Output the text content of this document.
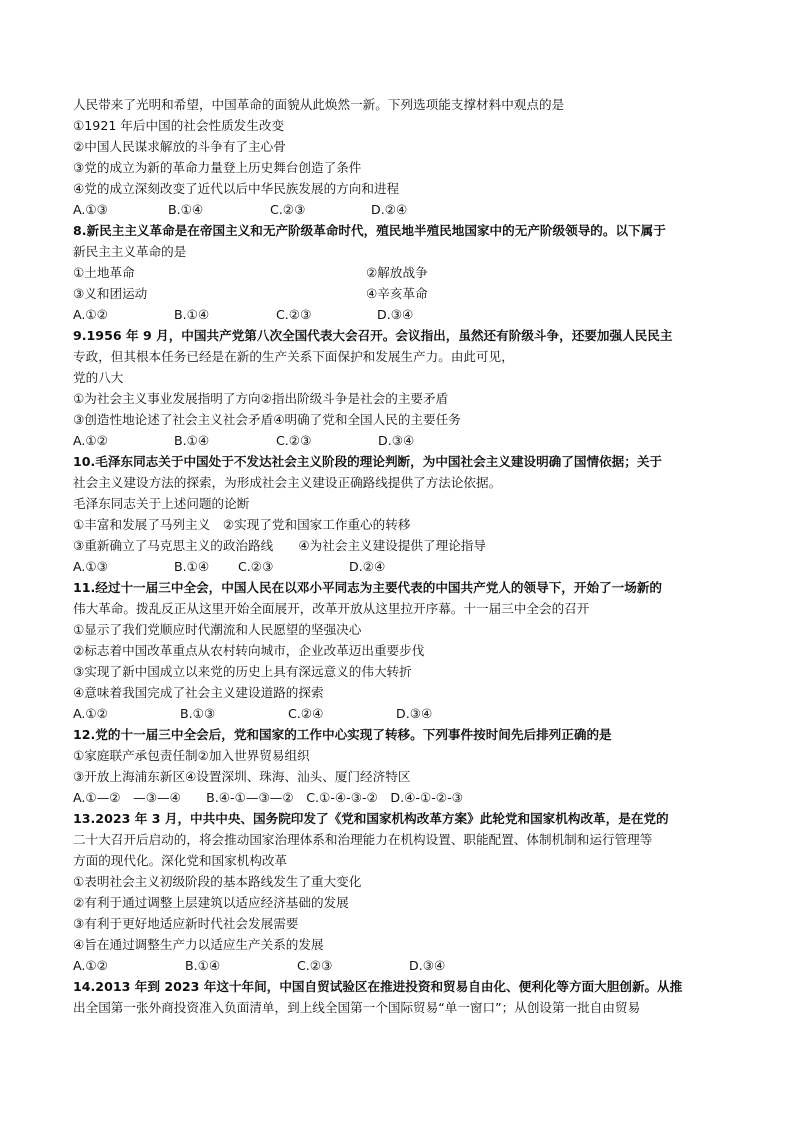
人民带来了光明和希望，中国革命的面貌从此焕然一新。下列选项能支撑材料中观点的是
①1921 年后中国的社会性质发生改变
②中国人民谋求解放的斗争有了主心骨
③党的成立为新的革命力量登上历史舞台创造了条件
④党的成立深刻改变了近代以后中华民族发展的方向和进程
A.①③	B.①④	C.②③	D.②④
8.新民主主义革命是在帝国主义和无产阶级革命时代，殖民地半殖民地国家中的无产阶级领导的。以下属于
新民主主义革命的是
①土地革命	②解放战争
③义和团运动	④辛亥革命
A.①②	B.①④	C.②③	D.③④
9.1956 年 9 月，中国共产党第八次全国代表大会召开。会议指出，虽然还有阶级斗争，还要加强人民民主
专政，但其根本任务已经是在新的生产关系下面保护和发展生产力。由此可见，
党的八大
①为社会主义事业发展指明了方向②指出阶级斗争是社会的主要矛盾
③创造性地论述了社会主义社会矛盾④明确了党和全国人民的主要任务
A.①②	B.①④	C.②③	D.③④
10.毛泽东同志关于中国处于不发达社会主义阶段的理论判断，为中国社会主义建设明确了国情依据；关于
社会主义建设方法的探索，为形成社会主义建设正确路线提供了方法论依据。
毛泽东同志关于上述问题的论断
①丰富和发展了马列主义　②实现了党和国家工作重心的转移
③重新确立了马克思主义的政治路线　　④为社会主义建设提供了理论指导
A.①③	B.①④ C.②③	D.②④
11.经过十一届三中全会，中国人民在以邓小平同志为主要代表的中国共产党人的领导下，开始了一场新的
伟大革命。拨乱反正从这里开始全面展开，改革开放从这里拉开序幕。十一届三中全会的召开
①显示了我们党顺应时代潮流和人民愿望的坚强决心
②标志着中国改革重点从农村转向城市，企业改革迈出重要步伐
③实现了新中国成立以来党的历史上具有深远意义的伟大转折
④意味着我国完成了社会主义建设道路的探索
A.①②	B.①③	C.②④	D.③④
12.党的十一届三中全会后，党和国家的工作中心实现了转移。下列事件按时间先后排列正确的是
①家庭联产承包责任制②加入世界贸易组织
③开放上海浦东新区④设置深圳、珠海、汕头、厦门经济特区
A.①—②　—③—④　　B.④-①—③—②　C.①-④-③-②　D.④-①-②-③
13.2023 年 3 月，中共中央、国务院印发了《党和国家机构改革方案》此轮党和国家机构改革，是在党的
二十大召开后启动的，将会推动国家治理体系和治理能力在机构设置、职能配置、体制机制和运行管理等
方面的现代化。深化党和国家机构改革
①表明社会主义初级阶段的基本路线发生了重大变化
②有利于通过调整上层建筑以适应经济基础的发展
③有利于更好地适应新时代社会发展需要
④旨在通过调整生产力以适应生产关系的发展
A.①②	B.①④	C.②③	D.③④
14.2013 年到 2023 年这十年间，中国自贸试验区在推进投资和贸易自由化、便利化等方面大胆创新。从推
出全国第一张外商投资准入负面清单，到上线全国第一个国际贸易“单一窗口”；从创设第一批自由贸易
